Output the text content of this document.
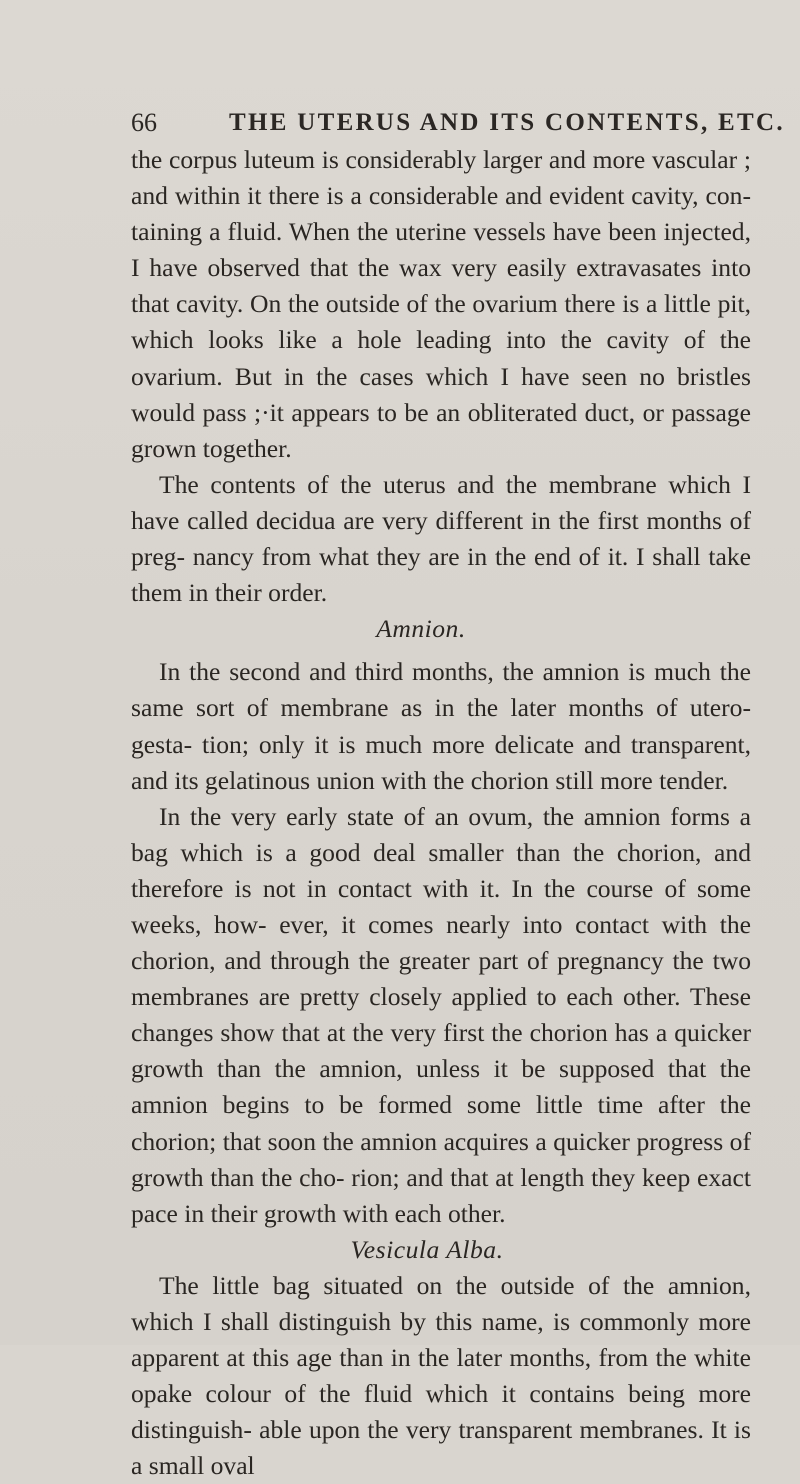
66	THE UTERUS AND ITS CONTENTS, ETC.

the corpus luteum is considerably larger and more vascular ; and within it there is a considerable and evident cavity, con- taining a fluid. When the uterine vessels have been injected, I have observed that the wax very easily extravasates into that cavity. On the outside of the ovarium there is a little pit, which looks like a hole leading into the cavity of the ovarium. But in the cases which I have seen no bristles would pass ;·it appears to be an obliterated duct, or passage grown together.

The contents of the uterus and the membrane which I have called decidua are very different in the first months of preg- nancy from what they are in the end of it. I shall take them in their order.

Amnion.

In the second and third months, the amnion is much the same sort of membrane as in the later months of utero-gesta- tion; only it is much more delicate and transparent, and its gelatinous union with the chorion still more tender.

In the very early state of an ovum, the amnion forms a bag which is a good deal smaller than the chorion, and therefore is not in contact with it. In the course of some weeks, how- ever, it comes nearly into contact with the chorion, and through the greater part of pregnancy the two membranes are pretty closely applied to each other. These changes show that at the very first the chorion has a quicker growth than the amnion, unless it be supposed that the amnion begins to be formed some little time after the chorion; that soon the amnion acquires a quicker progress of growth than the cho- rion; and that at length they keep exact pace in their growth with each other.

Vesicula Alba.

The little bag situated on the outside of the amnion, which I shall distinguish by this name, is commonly more apparent at this age than in the later months, from the white opake colour of the fluid which it contains being more distinguish- able upon the very transparent membranes. It is a small oval
